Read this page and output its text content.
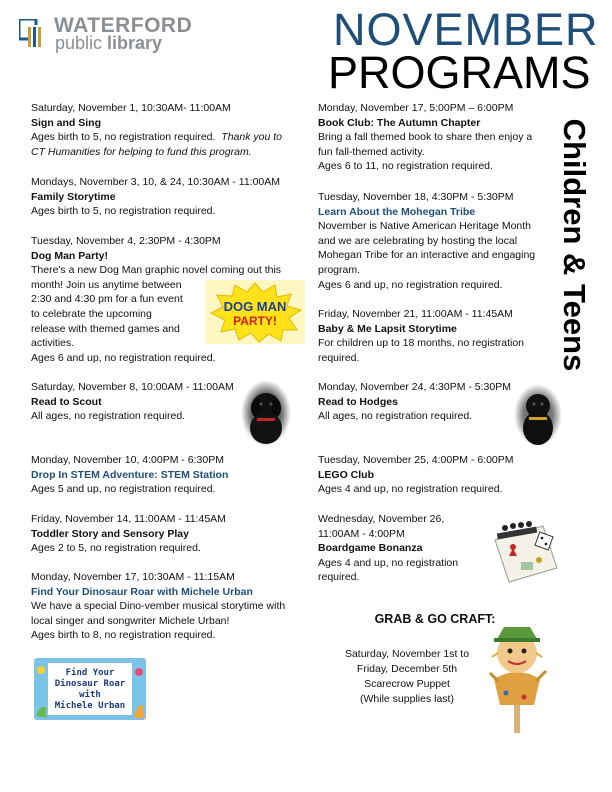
WATERFORD
public library	NOVEMBER
PROGRAMS
Children & Teens
Saturday, November 1, 10:30AM- 11:00AM
Sign and Sing
Ages birth to 5, no registration required. Thank you to
CT Humanities for helping to fund this program.
Mondays, November 3, 10, & 24, 10:30AM - 11:00AM
Family Storytime
Ages birth to 5, no registration required.
Tuesday, November 4, 2:30PM - 4:30PM
Dog Man Party!
There's a new Dog Man graphic novel coming out this
month! Join us anytime between
2:30 and 4:30 pm for a fun event
to celebrate the upcoming
release with themed games and
activities.
Ages 6 and up, no registration required.
Saturday, November 8, 10:00AM - 11:00AM
Read to Scout
All ages, no registration required.
Monday, November 10, 4:00PM - 6:30PM
Drop In STEM Adventure: STEM Station
Ages 5 and up, no registration required.
Friday, November 14, 11:00AM - 11:45AM
Toddler Story and Sensory Play
Ages 2 to 5, no registration required.
Monday, November 17, 10:30AM - 11:15AM
Find Your Dinosaur Roar with Michele Urban
We have a special Dino-vember musical storytime with
local singer and songwriter Michele Urban!
Ages birth to 8, no registration required.
Monday, November 17, 5:00PM – 6:00PM
Book Club: The Autumn Chapter
Bring a fall themed book to share then enjoy a
fun fall-themed activity.
Ages 6 to 11, no registration required.
Tuesday, November 18, 4:30PM - 5:30PM
Learn About the Mohegan Tribe
November is Native American Heritage Month
and we are celebrating by hosting the local
Mohegan Tribe for an interactive and engaging
program.
Ages 6 and up, no registration required.
Friday, November 21, 11:00AM - 11:45AM
Baby & Me Lapsit Storytime
For children up to 18 months, no registration
required.
Monday, November 24, 4:30PM - 5:30PM
Read to Hodges
All ages, no registration required.
Tuesday, November 25, 4:00PM - 6:00PM
LEGO Club
Ages 4 and up, no registration required.
Wednesday, November 26,
11:00AM - 4:00PM
Boardgame Bonanza
Ages 4 and up, no registration
required.
GRAB & GO CRAFT:
Saturday, November 1st to
Friday, December 5th
Scarecrow Puppet
(While supplies last)
DOG MAN
PARTY!
Find Your
Dinosaur Roar
with
Michele Urban
